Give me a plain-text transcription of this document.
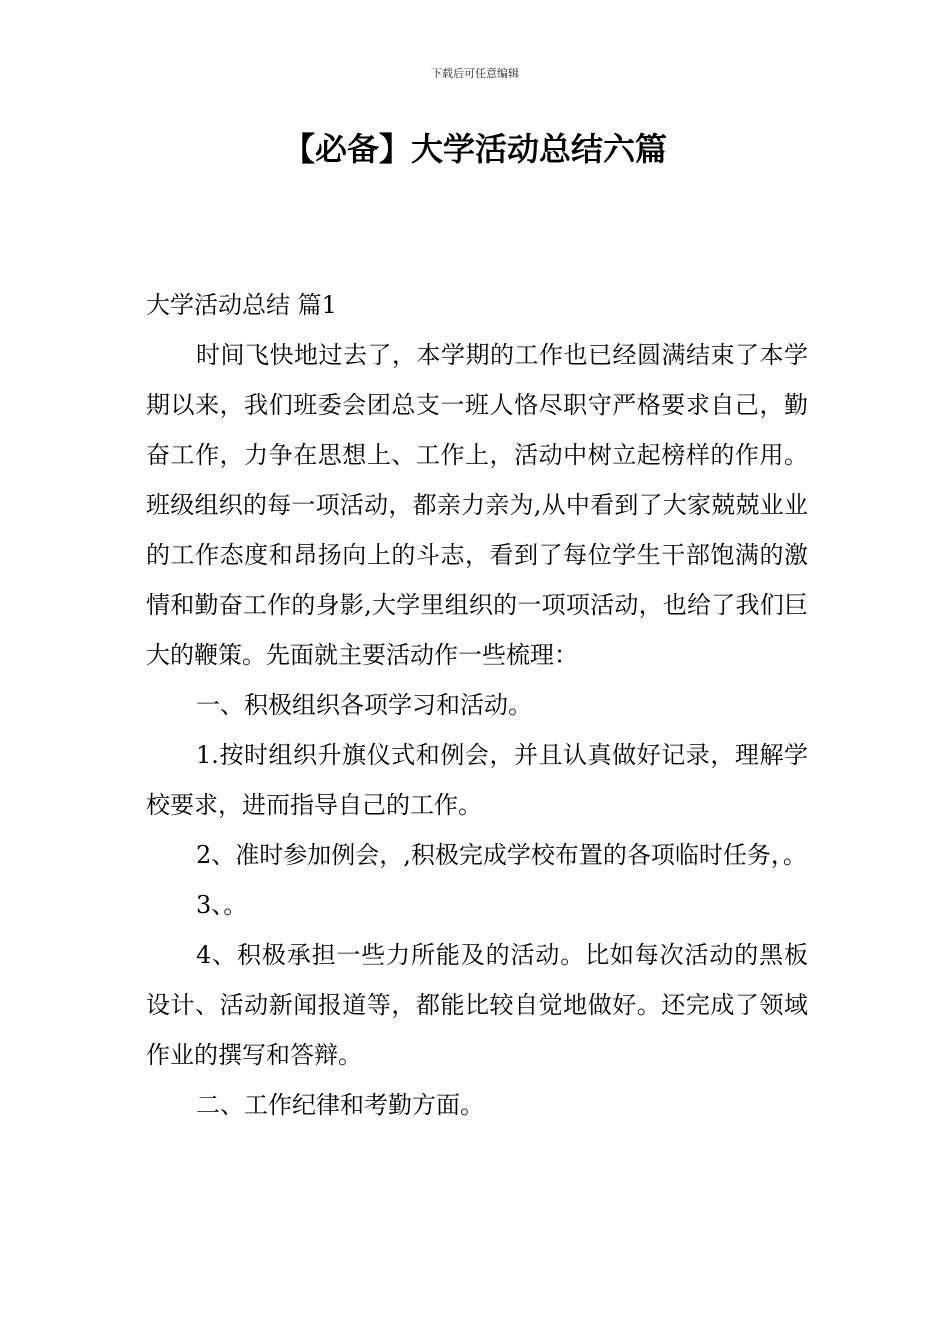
下载后可任意编辑
【必备】大学活动总结六篇

大学活动总结 篇1

时间飞快地过去了，本学期的工作也已经圆满结束了本学期以来，我们班委会团总支一班人恪尽职守严格要求自己，勤奋工作，力争在思想上、工作上，活动中树立起榜样的作用。班级组织的每一项活动，都亲力亲为,从中看到了大家兢兢业业的工作态度和昂扬向上的斗志，看到了每位学生干部饱满的激情和勤奋工作的身影,大学里组织的一项项活动，也给了我们巨大的鞭策。先面就主要活动作一些梳理：

一、积极组织各项学习和活动。

1.按时组织升旗仪式和例会，并且认真做好记录，理解学校要求，进而指导自己的工作。

2、准时参加例会，,积极完成学校布置的各项临时任务，。

3、。

4、积极承担一些力所能及的活动。比如每次活动的黑板设计、活动新闻报道等，都能比较自觉地做好。还完成了领域作业的撰写和答辩。

二、工作纪律和考勤方面。
